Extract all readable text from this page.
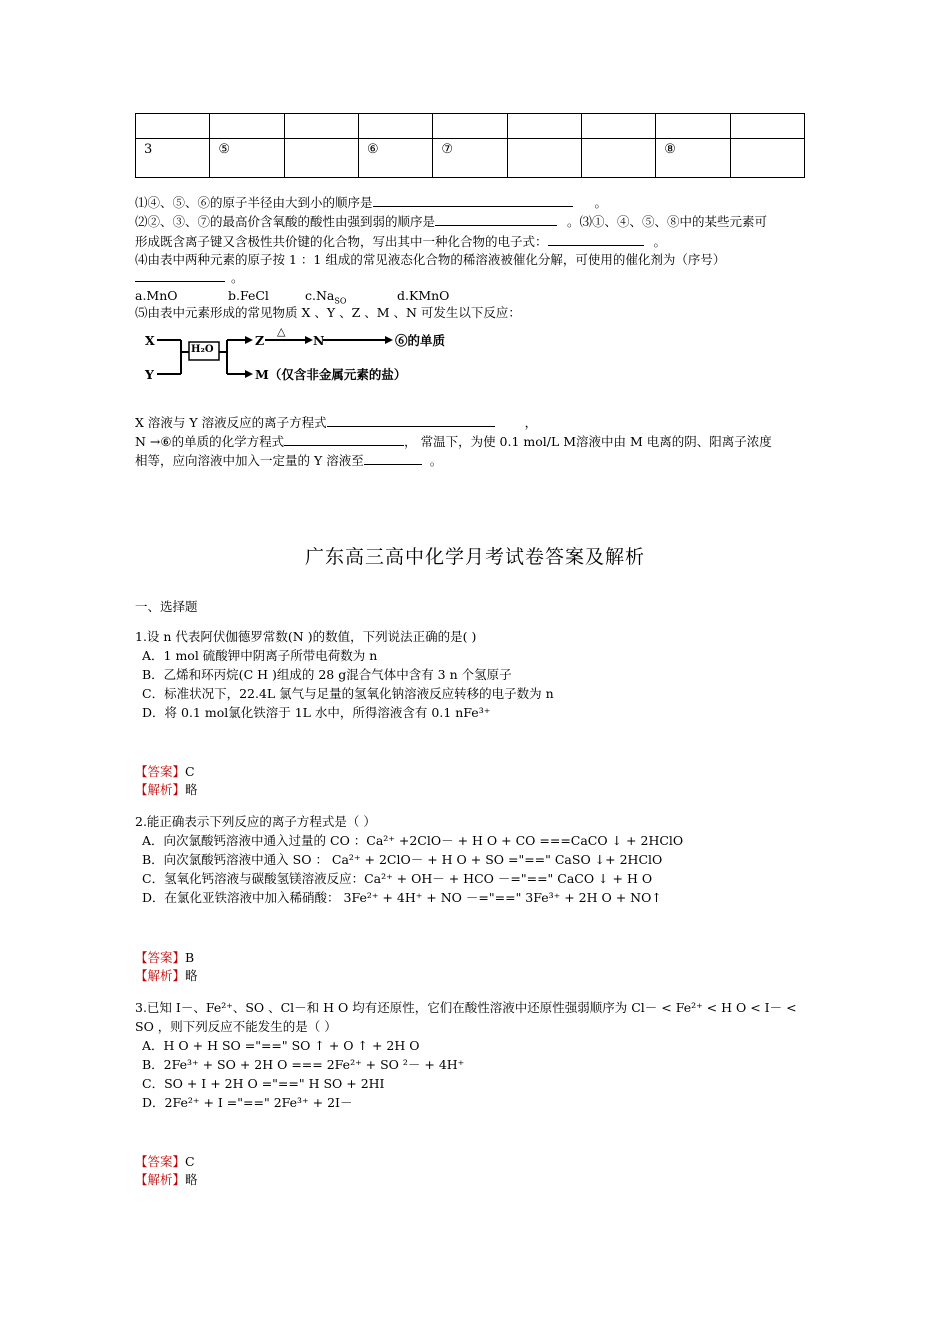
3	⑤		⑥	⑦			⑧	
⑴④、⑤、⑥的原子半径由大到小的顺序是	。
⑵②、③、⑦的最高价含氧酸的酸性由强到弱的顺序是	。⑶①、④、⑤、⑧中的某些元素可
形成既含离子键又含极性共价键的化合物，写出其中一种化合物的电子式：	。
⑷由表中两种元素的原子按 1 ：1 组成的常见液态化合物的稀溶液被催化分解，可使用的催化剂为（序号）
。
a.MnO	b.FeCl	$c.Na_{SO}$	d.KMnO
⑸由表中元素形成的常见物质 X 、Y 、Z 、M 、N 可发生以下反应：
X
Y
H₂O
Z
△
N	⑥的单质
M（仅含非金属元素的盐）
X 溶液与 Y 溶液反应的离子方程式	，
N →⑥的单质的化学方程式	， 常温下，为使 0.1 mol/L M溶液中由 M 电离的阴、阳离子浓度
相等，应向溶液中加入一定量的 Y 溶液至	。
广东高三高中化学月考试卷答案及解析
一、选择题
1.设 n 代表阿伏伽德罗常数(N )的数值，下列说法正确的是( )
A．1 mol 硫酸钾中阴离子所带电荷数为 n
B．乙烯和环丙烷(C H )组成的 28 g混合气体中含有 3 n 个氢原子
C．标准状况下，22.4L 氯气与足量的氢氧化钠溶液反应转移的电子数为 n
D．将 0.1 mol氯化铁溶于 1L 水中，所得溶液含有 0.1 nFe³⁺
【答案】C
【解析】略
2.能正确表示下列反应的离子方程式是（ ）
A．向次氯酸钙溶液中通入过量的 CO ：Ca²⁺ +2ClO－ + H O + CO ===CaCO ↓ + 2HClO
B．向次氯酸钙溶液中通入 SO ： Ca²⁺ + 2ClO－ + H O + SO ="==" CaSO ↓+ 2HClO
C．氢氧化钙溶液与碳酸氢镁溶液反应：Ca²⁺ + OH－ + HCO －="==" CaCO ↓ + H O
D．在氯化亚铁溶液中加入稀硝酸： 3Fe²⁺ + 4H⁺ + NO －="==" 3Fe³⁺ + 2H O + NO↑
【答案】B
【解析】略
3.已知 I－、Fe²⁺、SO 、Cl－和 H O 均有还原性，它们在酸性溶液中还原性强弱顺序为 Cl－ < Fe²⁺ < H O < I－ <
SO ，则下列反应不能发生的是（ ）
A．H O + H SO ="==" SO ↑ + O ↑ + 2H O
B．2Fe³⁺ + SO + 2H O === 2Fe²⁺ + SO ²－ + 4H⁺
C．SO + I + 2H O ="==" H SO + 2HI
D．2Fe²⁺ + I ="==" 2Fe³⁺ + 2I－
【答案】C
【解析】略
